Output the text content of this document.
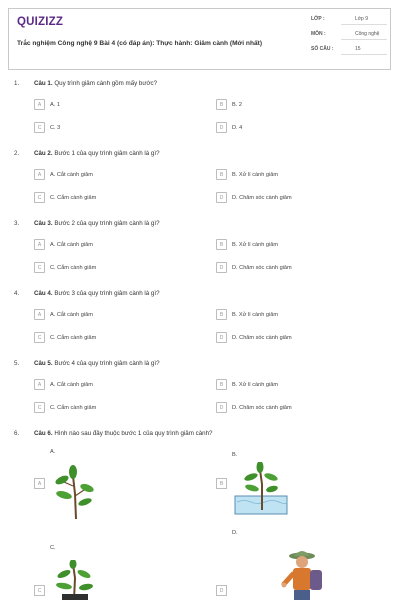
QUIZIZZ
Trắc nghiệm Công nghệ 9 Bài 4 (có đáp án): Thực hành: Giâm cành (Mới nhất)
LỚP :	Lớp 9
MÔN :	Công nghệ
SỐ CÂU :	15
1. Câu 1. Quy trình giâm cành gồm mấy bước?
A	A. 1	B	B. 2
C	C. 3	D	D. 4
2. Câu 2. Bước 1 của quy trình giâm cành là gì?
A	A. Cắt cành giâm	B	B. Xử lí cành giâm
C	C. Cắm cành giâm	D	D. Chăm sóc cành giâm
3. Câu 3. Bước 2 của quy trình giâm cành là gì?
A	A. Cắt cành giâm	B	B. Xử lí cành giâm
C	C. Cắm cành giâm	D	D. Chăm sóc cành giâm
4. Câu 4. Bước 3 của quy trình giâm cành là gì?
A	A. Cắt cành giâm	B	B. Xử lí cành giâm
C	C. Cắm cành giâm	D	D. Chăm sóc cành giâm
5. Câu 5. Bước 4 của quy trình giâm cành là gì?
A	A. Cắt cành giâm	B	B. Xử lí cành giâm
C	C. Cắm cành giâm	D	D. Chăm sóc cành giâm
6. Câu 6. Hình nào sau đây thuộc bước 1 của quy trình giâm cành?
A.
A
B.
B
C.
C
D.
D
